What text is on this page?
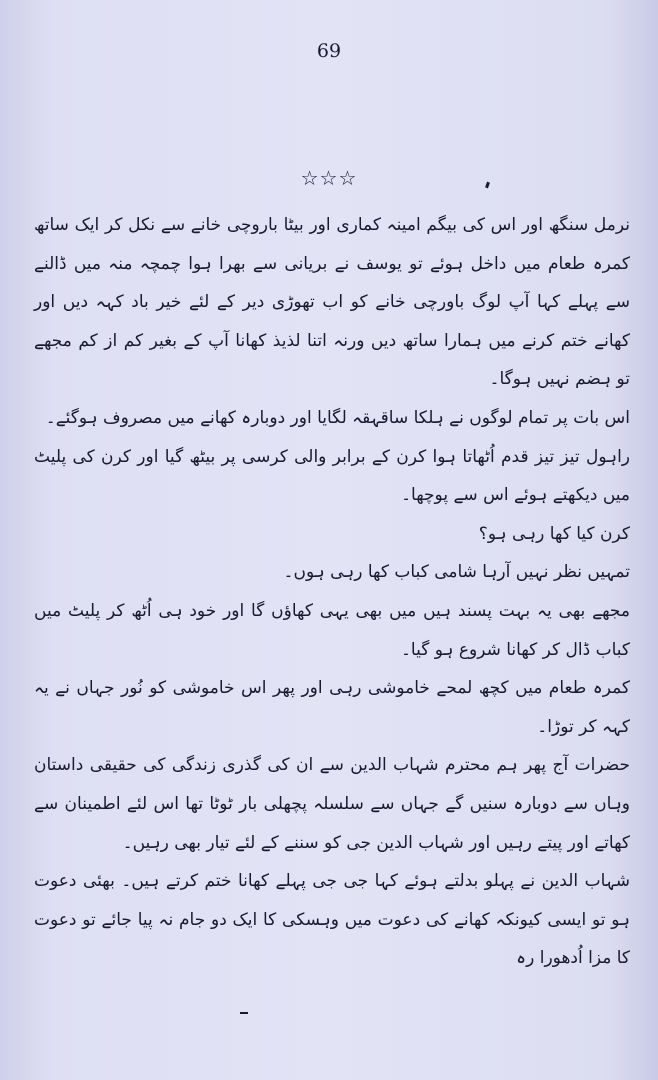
69
☆☆☆

نرمل سنگھ اور اس کی بیگم امینہ کماری اور بیٹا باروچی خانے سے نکل کر ایک ساتھ کمرہ طعام میں داخل ہوئے تو یوسف نے بریانی سے بھرا ہوا چمچہ منہ میں ڈالنے سے پہلے کہا آپ لوگ باورچی خانے کو اب تھوڑی دیر کے لئے خیر باد کہہ دیں اور کھانے ختم کرنے میں ہمارا ساتھ دیں ورنہ اتنا لذیذ کھانا آپ کے بغیر کم از کم مجھے تو ہضم نہیں ہوگا۔

اس بات پر تمام لوگوں نے ہلکا ساقہقہ لگایا اور دوبارہ کھانے میں مصروف ہوگئے۔

راہول تیز تیز قدم اُٹھاتا ہوا کرن کے برابر والی کرسی پر بیٹھ گیا اور کرن کی پلیٹ میں دیکھتے ہوئے اس سے پوچھا۔

کرن کیا کھا رہی ہو؟

تمہیں نظر نہیں آرہا شامی کباب کھا رہی ہوں۔

مجھے بھی یہ بہت پسند ہیں میں بھی یہی کھاؤں گا اور خود ہی اُٹھ کر پلیٹ میں کباب ڈال کر کھانا شروع ہو گیا۔

کمرہ طعام میں کچھ لمحے خاموشی رہی اور پھر اس خاموشی کو نُور جہاں نے یہ کہہ کر توڑا۔

حضرات آج پھر ہم محترم شہاب الدین سے ان کی گذری زندگی کی حقیقی داستان وہاں سے دوبارہ سنیں گے جہاں سے سلسلہ پچھلی بار ٹوٹا تھا اس لئے اطمینان سے کھاتے اور پیتے رہیں اور شہاب الدین جی کو سننے کے لئے تیار بھی رہیں۔

شہاب الدین نے پہلو بدلتے ہوئے کہا جی جی پہلے کھانا ختم کرتے ہیں۔ بھئی دعوت ہو تو ایسی کیونکہ کھانے کی دعوت میں وہسکی کا ایک دو جام نہ پیا جائے تو دعوت کا مزا اُدھورا رہ
